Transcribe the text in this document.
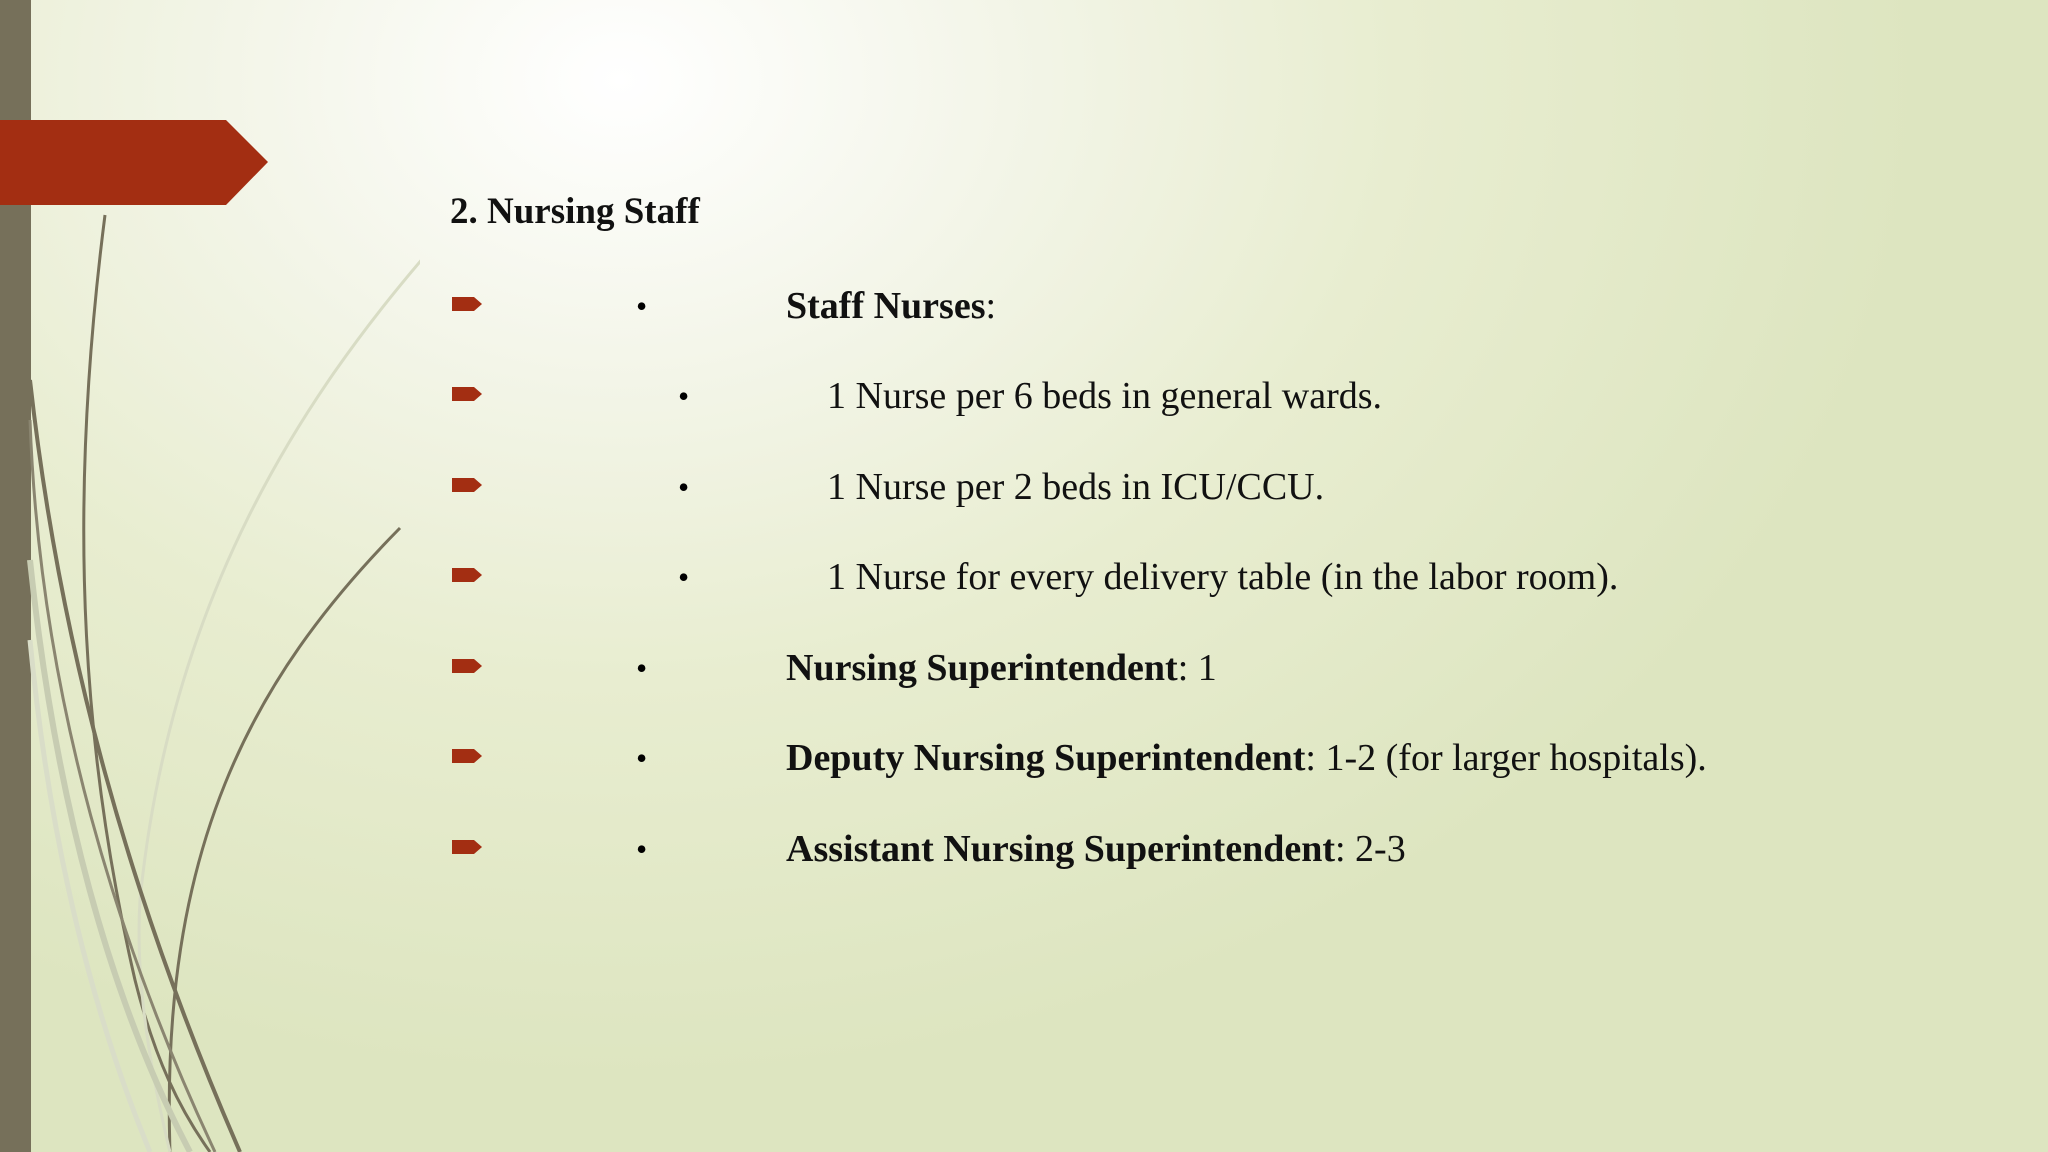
2. Nursing Staff
•	Staff Nurses:
•	1 Nurse per 6 beds in general wards.
•	1 Nurse per 2 beds in ICU/CCU.
•	1 Nurse for every delivery table (in the labor room).
•	Nursing Superintendent: 1
•	Deputy Nursing Superintendent: 1-2 (for larger hospitals).
•	Assistant Nursing Superintendent: 2-3
